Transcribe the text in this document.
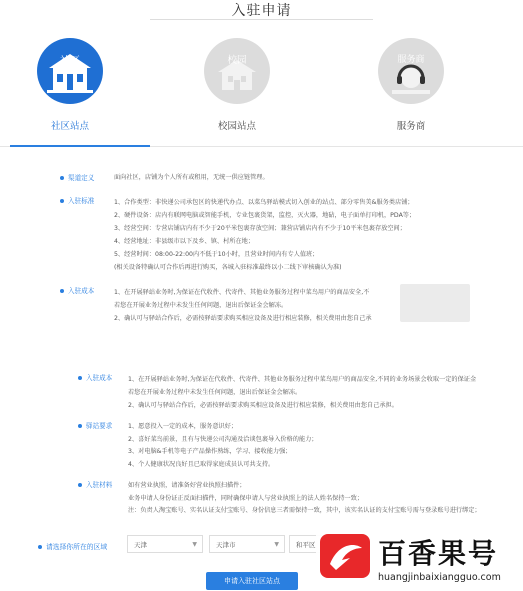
入驻申请
社区
社区站点
校园
校园站点
服务商
服务商
渠道定义	面向社区，店铺为个人所有或租用，无统一供应链管理。
入驻标准	1、合作类型：非快递公司承包区的快递代办点、以菜鸟驿站模式切入创业的站点、部分零售美&服务类店铺；
2、硬件设备：店内有联网电脑或智能手机，专业包裹货架，监控，灭火器，地砧，电子面单打印机，PDA等；
3、经营空间：专营店铺店内有不少于20平米包裹存放空间；兼营店铺店内有不少于10平米包裹存放空间；
4、经营地址：非县级市以下及乡、镇、村所在地；
5、经营时间：08:00-22:00内不低于10小时，且营业时间内有专人值班；
(相关设备特确认可合作后再进行购买，各城入驻标准最终以小二线下审核确认为准)
入驻成本	1、在开展驿站业务时,为保证在代收件、代寄件、其他业务服务过程中菜鸟用户的商品安全,不
若您在开展业务过程中未发生任何问题，退出后保证金会解冻。
2、确认可与驿站合作后，必需按驿站要求购买相应设备及进行相应装修，相关费用由您自己承
入驻成本	1、在开展驿站业务时,为保证在代收件、代寄件、其他业务服务过程中菜鸟用户的商品安全,不同的业务场景会收取一定的保证金
若您在开展业务过程中未发生任何问题，退出后保证金会解冻。
2、确认可与驿站合作后，必需按驿站要求购买相应设备及进行相应装修，相关费用由您自己承担。
驿站要求	1、愿意投入一定的成本，服务意识好；
2、喜好菜鸟前景，且有与快递公司沟通及洽谈包裹导入价格的能力；
3、对电脑&手机等电子产品操作熟练，学习、接收能力强；
4、个人健康状况良好且已取得家庭成员认可共支持。
入驻材料	如有营业执照，请准备好营业执照扫描件；
业务申请人身份证正反面扫描件，同时确保申请人与营业执照上的法人姓名保持一致；
注：负责人淘宝账号、实名认证支付宝账号、身份信息三者需保持一致，其中，该实名认证的支付宝账号需与登录账号进行绑定；
请选择你所在的区域	天津	▼	天津市	▼	和平区
申请入驻社区站点
百香果号
huangjinbaixiangguo.com
